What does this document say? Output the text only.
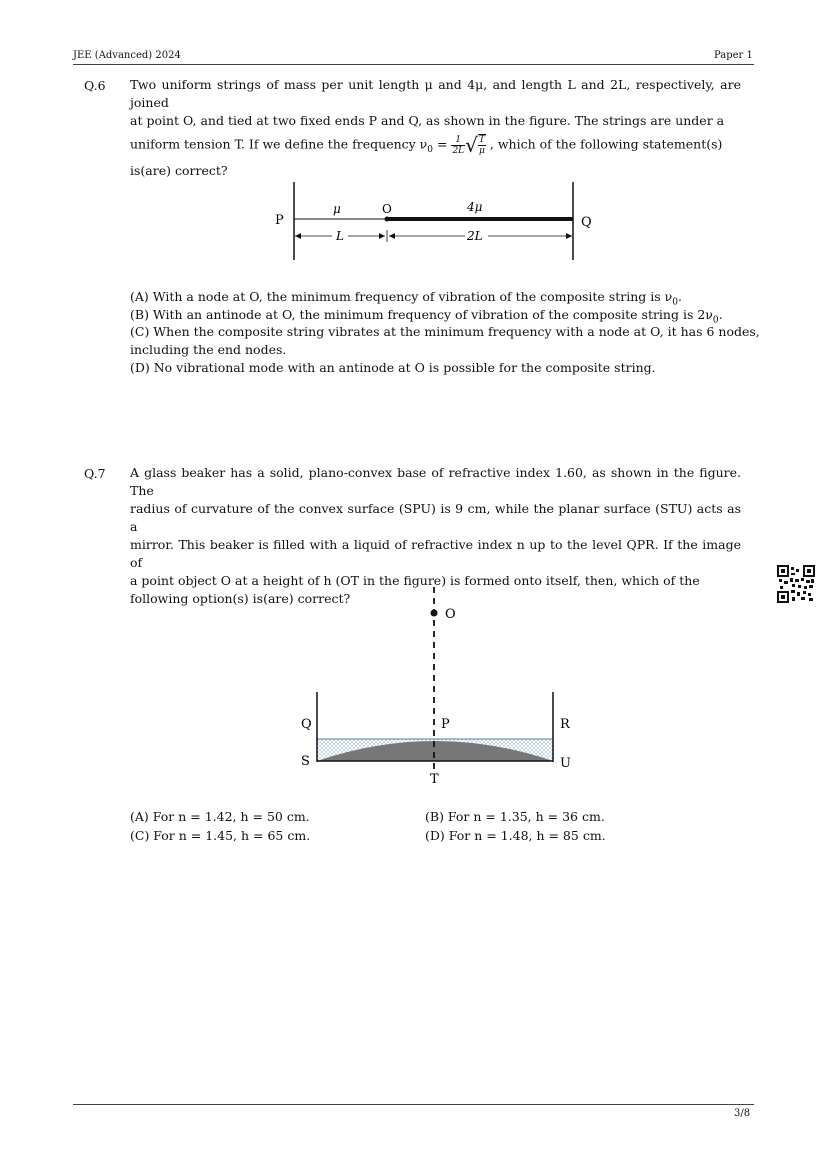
JEE (Advanced) 2024	Paper 1
Q.6 Two uniform strings of mass per unit length μ and 4μ, and length L and 2L, respectively, are joined
at point O, and tied at two fixed ends P and Q, as shown in the figure. The strings are under a
uniform tension T. If we define the frequency $\nu_0 = \frac{1}{2L}$ √ $\frac{T}{\mu}$ , which of the following statement(s)
is(are) correct?
P	Q
O
μ	4μ
L	2L
(A) With a node at O, the minimum frequency of vibration of the composite string is $\nu_0$.
(B) With an antinode at O, the minimum frequency of vibration of the composite string is $2\nu_0$.
(C) When the composite string vibrates at the minimum frequency with a node at O, it has 6 nodes,
including the end nodes.
(D) No vibrational mode with an antinode at O is possible for the composite string.
Q.7 A glass beaker has a solid, plano-convex base of refractive index 1.60, as shown in the figure. The
radius of curvature of the convex surface (SPU) is 9 cm, while the planar surface (STU) acts as a
mirror. This beaker is filled with a liquid of refractive index n up to the level QPR. If the image of
a point object O at a height of h (OT in the figure) is formed onto itself, then, which of the
following option(s) is(are) correct?
O
Q	P	R
S
T
U
(A) For n = 1.42, h = 50 cm.	(B) For n = 1.35, h = 36 cm.
(C) For n = 1.45, h = 65 cm.	(D) For n = 1.48, h = 85 cm.
3/8
